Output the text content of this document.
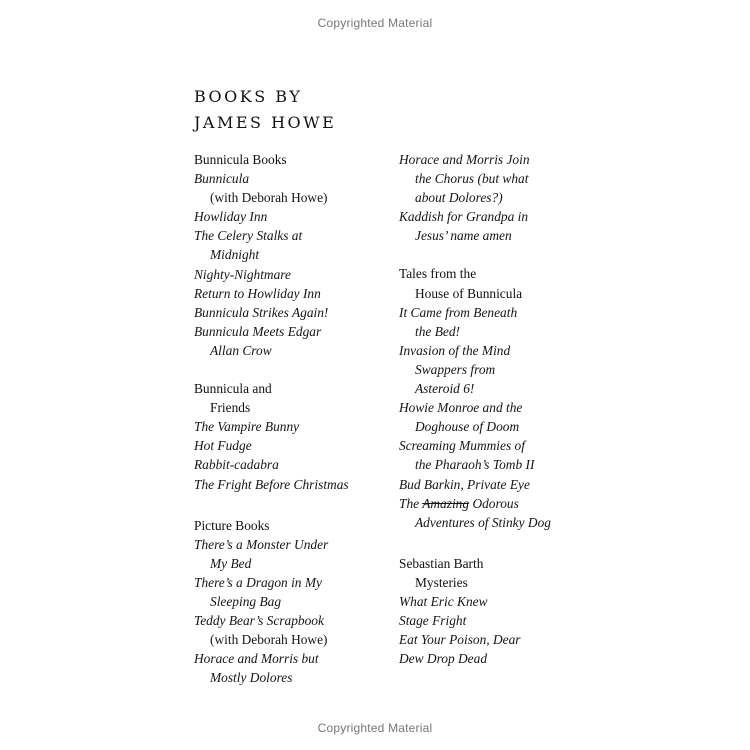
Copyrighted Material
BOOKS BY
JAMES HOWE
Bunnicula Books
Bunnicula
(with Deborah Howe)
Howliday Inn
The Celery Stalks at
Midnight
Nighty-Nightmare
Return to Howliday Inn
Bunnicula Strikes Again!
Bunnicula Meets Edgar
Allan Crow
Bunnicula and
Friends
The Vampire Bunny
Hot Fudge
Rabbit-cadabra
The Fright Before Christmas
Picture Books
There’s a Monster Under
My Bed
There’s a Dragon in My
Sleeping Bag
Teddy Bear’s Scrapbook
(with Deborah Howe)
Horace and Morris but
Mostly Dolores
Horace and Morris Join
the Chorus (but what
about Dolores?)
Kaddish for Grandpa in
Jesus’ name amen
Tales from the
House of Bunnicula
It Came from Beneath
the Bed!
Invasion of the Mind
Swappers from
Asteroid 6!
Howie Monroe and the
Doghouse of Doom
Screaming Mummies of
the Pharaoh’s Tomb II
Bud Barkin, Private Eye
The Amazing Odorous
Adventures of Stinky Dog
Sebastian Barth
Mysteries
What Eric Knew
Stage Fright
Eat Your Poison, Dear
Dew Drop Dead
Copyrighted Material
